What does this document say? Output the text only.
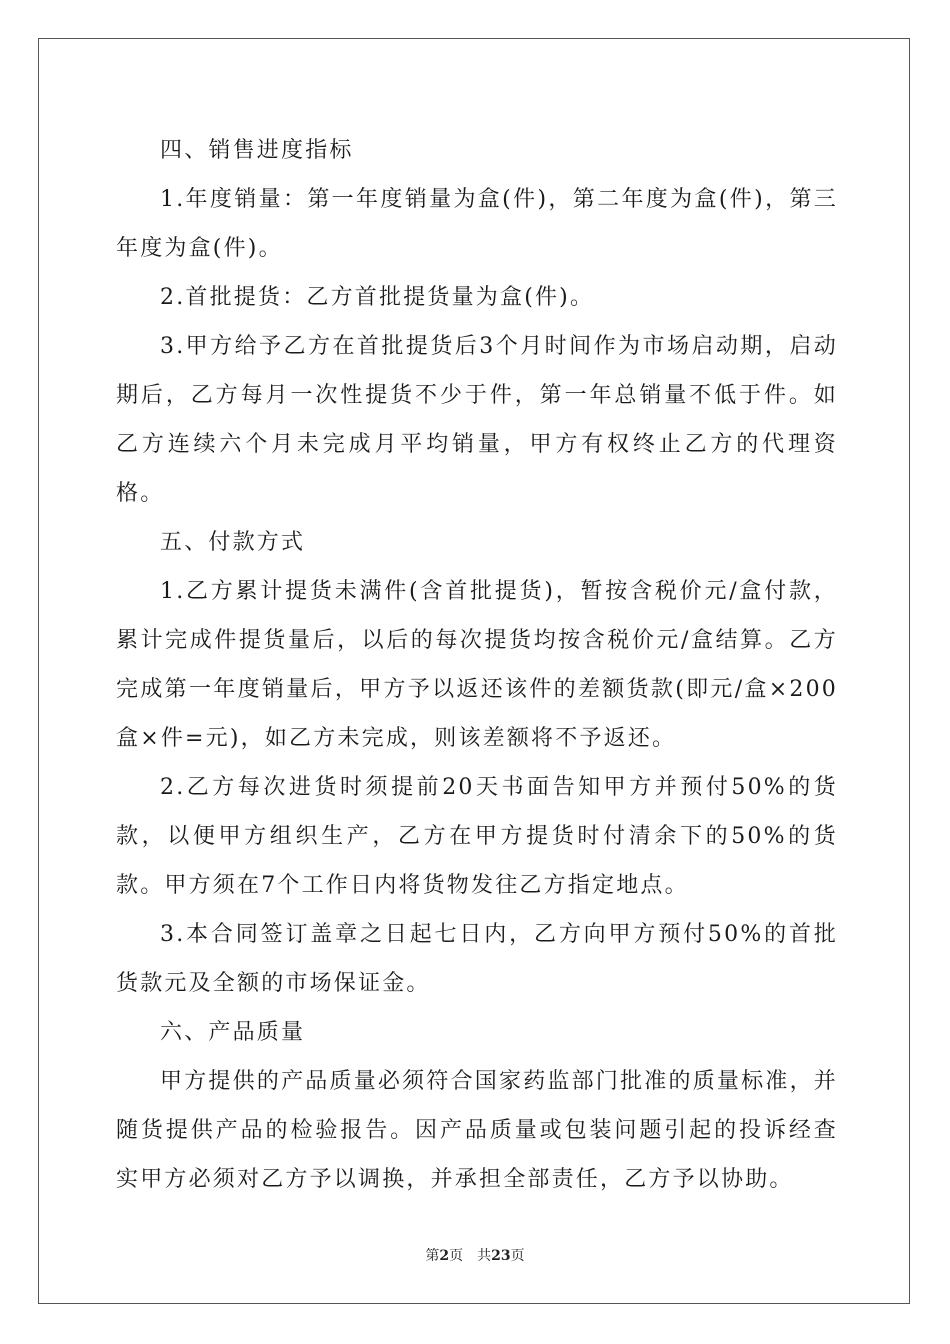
四、销售进度指标

1.年度销量：第一年度销量为盒(件)，第二年度为盒(件)，第三年度为盒(件)。

2.首批提货：乙方首批提货量为盒(件)。

3.甲方给予乙方在首批提货后3个月时间作为市场启动期，启动期后，乙方每月一次性提货不少于件，第一年总销量不低于件。如乙方连续六个月未完成月平均销量，甲方有权终止乙方的代理资格。

五、付款方式

1.乙方累计提货未满件(含首批提货)，暂按含税价元/盒付款，累计完成件提货量后，以后的每次提货均按含税价元/盒结算。乙方完成第一年度销量后，甲方予以返还该件的差额货款(即元/盒×200盒×件=元)，如乙方未完成，则该差额将不予返还。

2.乙方每次进货时须提前20天书面告知甲方并预付50%的货款，以便甲方组织生产，乙方在甲方提货时付清余下的50%的货款。甲方须在7个工作日内将货物发往乙方指定地点。

3.本合同签订盖章之日起七日内，乙方向甲方预付50%的首批货款元及全额的市场保证金。

六、产品质量

甲方提供的产品质量必须符合国家药监部门批准的质量标准，并随货提供产品的检验报告。因产品质量或包装问题引起的投诉经查实甲方必须对乙方予以调换，并承担全部责任，乙方予以协助。

第2页 共23页
